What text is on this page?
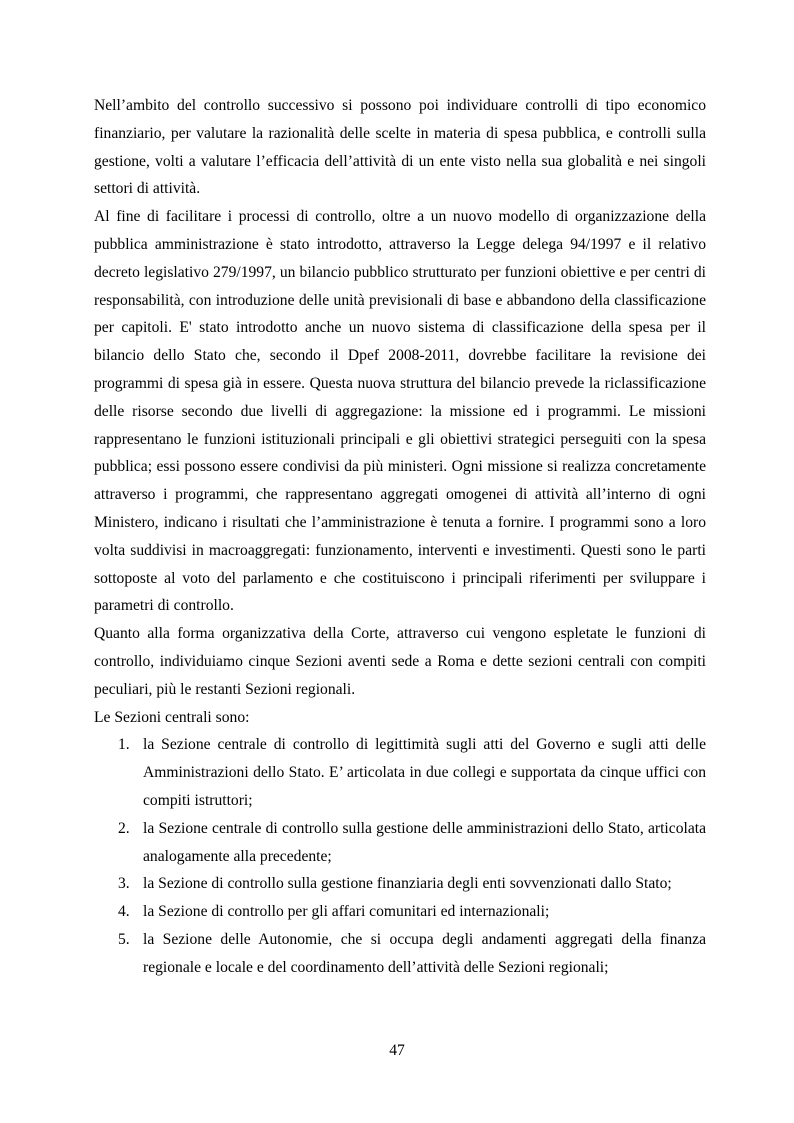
Nell’ambito del controllo successivo si possono poi individuare controlli di tipo economico finanziario, per valutare la razionalità delle scelte in materia di spesa pubblica, e controlli sulla gestione, volti a valutare l’efficacia dell’attività di un ente visto nella sua globalità e nei singoli settori di attività.

Al fine di facilitare i processi di controllo, oltre a un nuovo modello di organizzazione della pubblica amministrazione è stato introdotto, attraverso la Legge delega 94/1997 e il relativo decreto legislativo 279/1997, un bilancio pubblico strutturato per funzioni obiettive e per centri di responsabilità, con introduzione delle unità previsionali di base e abbandono della classificazione per capitoli. E' stato introdotto anche un nuovo sistema di classificazione della spesa per il bilancio dello Stato che, secondo il Dpef 2008-2011, dovrebbe facilitare la revisione dei programmi di spesa già in essere. Questa nuova struttura del bilancio prevede la riclassificazione delle risorse secondo due livelli di aggregazione: la missione ed i programmi. Le missioni rappresentano le funzioni istituzionali principali e gli obiettivi strategici perseguiti con la spesa pubblica; essi possono essere condivisi da più ministeri. Ogni missione si realizza concretamente attraverso i programmi, che rappresentano aggregati omogenei di attività all’interno di ogni Ministero, indicano i risultati che l’amministrazione è tenuta a fornire. I programmi sono a loro volta suddivisi in macroaggregati: funzionamento, interventi e investimenti. Questi sono le parti sottoposte al voto del parlamento e che costituiscono i principali riferimenti per sviluppare i parametri di controllo.

Quanto alla forma organizzativa della Corte, attraverso cui vengono espletate le funzioni di controllo, individuiamo cinque Sezioni aventi sede a Roma e dette sezioni centrali con compiti peculiari, più le restanti Sezioni regionali.

Le Sezioni centrali sono:

1. la Sezione centrale di controllo di legittimità sugli atti del Governo e sugli atti delle Amministrazioni dello Stato. E’ articolata in due collegi e supportata da cinque uffici con compiti istruttori;
2. la Sezione centrale di controllo sulla gestione delle amministrazioni dello Stato, articolata analogamente alla precedente;
3. la Sezione di controllo sulla gestione finanziaria degli enti sovvenzionati dallo Stato;
4. la Sezione di controllo per gli affari comunitari ed internazionali;
5. la Sezione delle Autonomie, che si occupa degli andamenti aggregati della finanza regionale e locale e del coordinamento dell’attività delle Sezioni regionali;
47
